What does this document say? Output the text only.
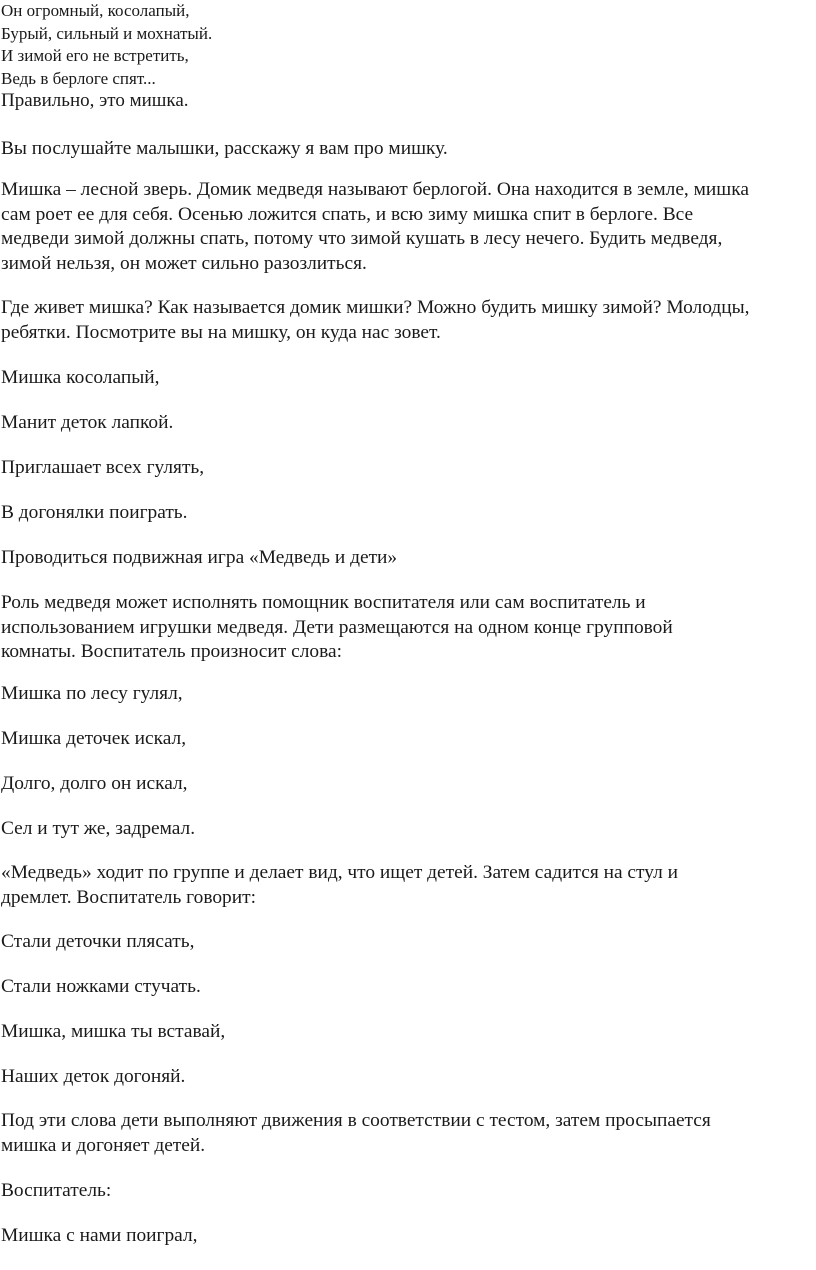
Он огромный, косолапый,
Бурый, сильный и мохнатый.
И зимой его не встретить,
Ведь в берлоге спят...
Правильно, это мишка.

Вы послушайте малышки, расскажу я вам про мишку.

Мишка – лесной зверь. Домик медведя называют берлогой. Она находится в земле, мишка
сам роет ее для себя. Осенью ложится спать, и всю зиму мишка спит в берлоге. Все
медведи зимой должны спать, потому что зимой кушать в лесу нечего. Будить медведя,
зимой нельзя, он может сильно разозлиться.

Где живет мишка? Как называется домик мишки? Можно будить мишку зимой? Молодцы,
ребятки. Посмотрите вы на мишку, он куда нас зовет.

Мишка косолапый,

Манит деток лапкой.

Приглашает всех гулять,

В догонялки поиграть.

Проводиться подвижная игра «Медведь и дети»

Роль медведя может исполнять помощник воспитателя или сам воспитатель и
использованием игрушки медведя. Дети размещаются на одном конце групповой
комнаты. Воспитатель произносит слова:

Мишка по лесу гулял,

Мишка деточек искал,

Долго, долго он искал,

Сел и тут же, задремал.

«Медведь» ходит по группе и делает вид, что ищет детей. Затем садится на стул и
дремлет. Воспитатель говорит:

Стали деточки плясать,

Стали ножками стучать.

Мишка, мишка ты вставай,

Наших деток догоняй.

Под эти слова дети выполняют движения в соответствии с тестом, затем просыпается
мишка и догоняет детей.

Воспитатель:

Мишка с нами поиграл,
